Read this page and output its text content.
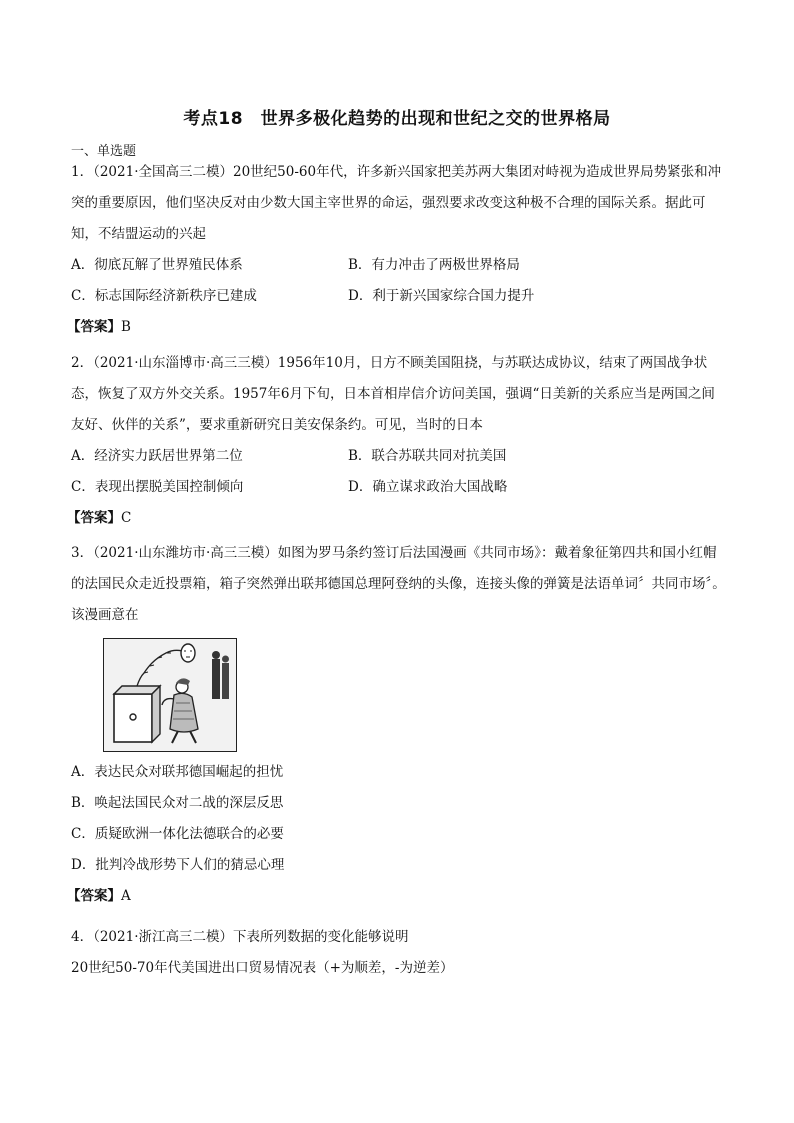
考点18　世界多极化趋势的出现和世纪之交的世界格局
一、单选题

1．（2021·全国高三二模）20世纪50-60年代，许多新兴国家把美苏两大集团对峙视为造成世界局势紧张和冲突的重要原因，他们坚决反对由少数大国主宰世界的命运，强烈要求改变这种极不合理的国际关系。据此可知，不结盟运动的兴起

A．彻底瓦解了世界殖民体系	B．有力冲击了两极世界格局
C．标志国际经济新秩序已建成	D．利于新兴国家综合国力提升
【答案】B

2．（2021·山东淄博市·高三三模）1956年10月，日方不顾美国阻挠，与苏联达成协议，结束了两国战争状态，恢复了双方外交关系。1957年6月下旬，日本首相岸信介访问美国，强调“日美新的关系应当是两国之间友好、伙伴的关系”，要求重新研究日美安保条约。可见，当时的日本

A．经济实力跃居世界第二位	B．联合苏联共同对抗美国
C．表现出摆脱美国控制倾向	D．确立谋求政治大国战略
【答案】C

3．（2021·山东潍坊市·高三三模）如图为罗马条约签订后法国漫画《共同市场》：戴着象征第四共和国小红帽的法国民众走近投票箱，箱子突然弹出联邦德国总理阿登纳的头像，连接头像的弹簧是法语单词〞共同市场〞。该漫画意在

A．表达民众对联邦德国崛起的担忧
B．唤起法国民众对二战的深层反思
C．质疑欧洲一体化法德联合的必要
D．批判冷战形势下人们的猜忌心理
【答案】A

4．（2021·浙江高三二模）下表所列数据的变化能够说明

20世纪50-70年代美国进出口贸易情况表（+为顺差，-为逆差）
